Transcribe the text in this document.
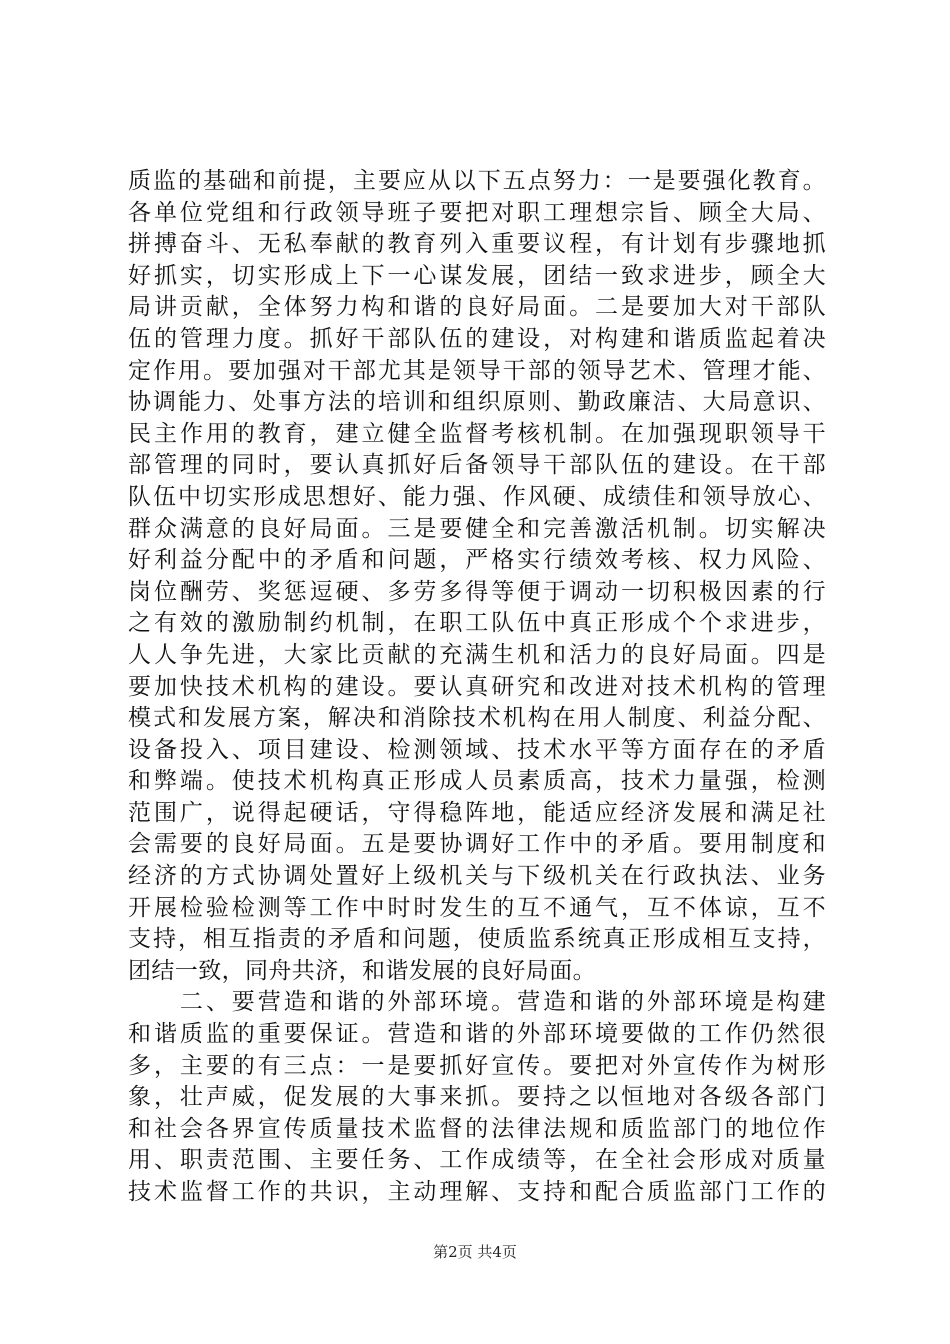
质监的基础和前提，主要应从以下五点努力：一是要强化教育。
各单位党组和行政领导班子要把对职工理想宗旨、顾全大局、
拼搏奋斗、无私奉献的教育列入重要议程，有计划有步骤地抓
好抓实，切实形成上下一心谋发展，团结一致求进步，顾全大
局讲贡献，全体努力构和谐的良好局面。二是要加大对干部队
伍的管理力度。抓好干部队伍的建设，对构建和谐质监起着决
定作用。要加强对干部尤其是领导干部的领导艺术、管理才能、
协调能力、处事方法的培训和组织原则、勤政廉洁、大局意识、
民主作用的教育，建立健全监督考核机制。在加强现职领导干
部管理的同时，要认真抓好后备领导干部队伍的建设。在干部
队伍中切实形成思想好、能力强、作风硬、成绩佳和领导放心、
群众满意的良好局面。三是要健全和完善激活机制。切实解决
好利益分配中的矛盾和问题，严格实行绩效考核、权力风险、
岗位酬劳、奖惩逗硬、多劳多得等便于调动一切积极因素的行
之有效的激励制约机制，在职工队伍中真正形成个个求进步，
人人争先进，大家比贡献的充满生机和活力的良好局面。四是
要加快技术机构的建设。要认真研究和改进对技术机构的管理
模式和发展方案，解决和消除技术机构在用人制度、利益分配、
设备投入、项目建设、检测领域、技术水平等方面存在的矛盾
和弊端。使技术机构真正形成人员素质高，技术力量强，检测
范围广，说得起硬话，守得稳阵地，能适应经济发展和满足社
会需要的良好局面。五是要协调好工作中的矛盾。要用制度和
经济的方式协调处置好上级机关与下级机关在行政执法、业务
开展检验检测等工作中时时发生的互不通气，互不体谅，互不
支持，相互指责的矛盾和问题，使质监系统真正形成相互支持，
团结一致，同舟共济，和谐发展的良好局面。
　　二、要营造和谐的外部环境。营造和谐的外部环境是构建
和谐质监的重要保证。营造和谐的外部环境要做的工作仍然很
多，主要的有三点：一是要抓好宣传。要把对外宣传作为树形
象，壮声威，促发展的大事来抓。要持之以恒地对各级各部门
和社会各界宣传质量技术监督的法律法规和质监部门的地位作
用、职责范围、主要任务、工作成绩等，在全社会形成对质量
技术监督工作的共识，主动理解、支持和配合质监部门工作的
第2页 共4页
